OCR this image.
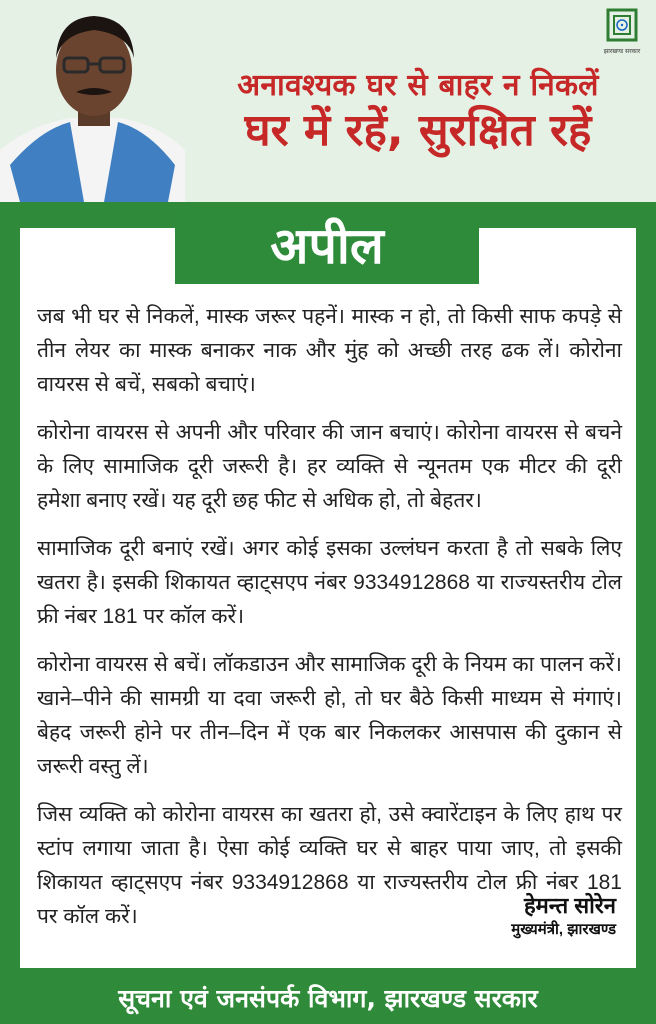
झारखण्ड सरकार
अनावश्यक घर से बाहर न निकलें
घर में रहें, सुरक्षित रहें
अपील

जब भी घर से निकलें, मास्क जरूर पहनें। मास्क न हो, तो किसी साफ कपड़े से तीन लेयर का मास्क बनाकर नाक और मुंह को अच्छी तरह ढक लें। कोरोना वायरस से बचें, सबको बचाएं।

कोरोना वायरस से अपनी और परिवार की जान बचाएं। कोरोना वायरस से बचने के लिए सामाजिक दूरी जरूरी है। हर व्यक्ति से न्यूनतम एक मीटर की दूरी हमेशा बनाए रखें। यह दूरी छह फीट से अधिक हो, तो बेहतर।

सामाजिक दूरी बनाएं रखें। अगर कोई इसका उल्लंघन करता है तो सबके लिए खतरा है। इसकी शिकायत व्हाट्सएप नंबर 9334912868 या राज्यस्तरीय टोल फ्री नंबर 181 पर कॉल करें।

कोरोना वायरस से बचें। लॉकडाउन और सामाजिक दूरी के नियम का पालन करें। खाने–पीने की सामग्री या दवा जरूरी हो, तो घर बैठे किसी माध्यम से मंगाएं। बेहद जरूरी होने पर तीन–दिन में एक बार निकलकर आसपास की दुकान से जरूरी वस्तु लें।

जिस व्यक्ति को कोरोना वायरस का खतरा हो, उसे क्वारेंटाइन के लिए हाथ पर स्टांप लगाया जाता है। ऐसा कोई व्यक्ति घर से बाहर पाया जाए, तो इसकी शिकायत व्हाट्सएप नंबर 9334912868 या राज्यस्तरीय टोल फ्री नंबर 181 पर कॉल करें।	हेमन्त सोरेन
मुख्यमंत्री, झारखण्ड
सूचना एवं जनसंपर्क विभाग, झारखण्ड सरकार
